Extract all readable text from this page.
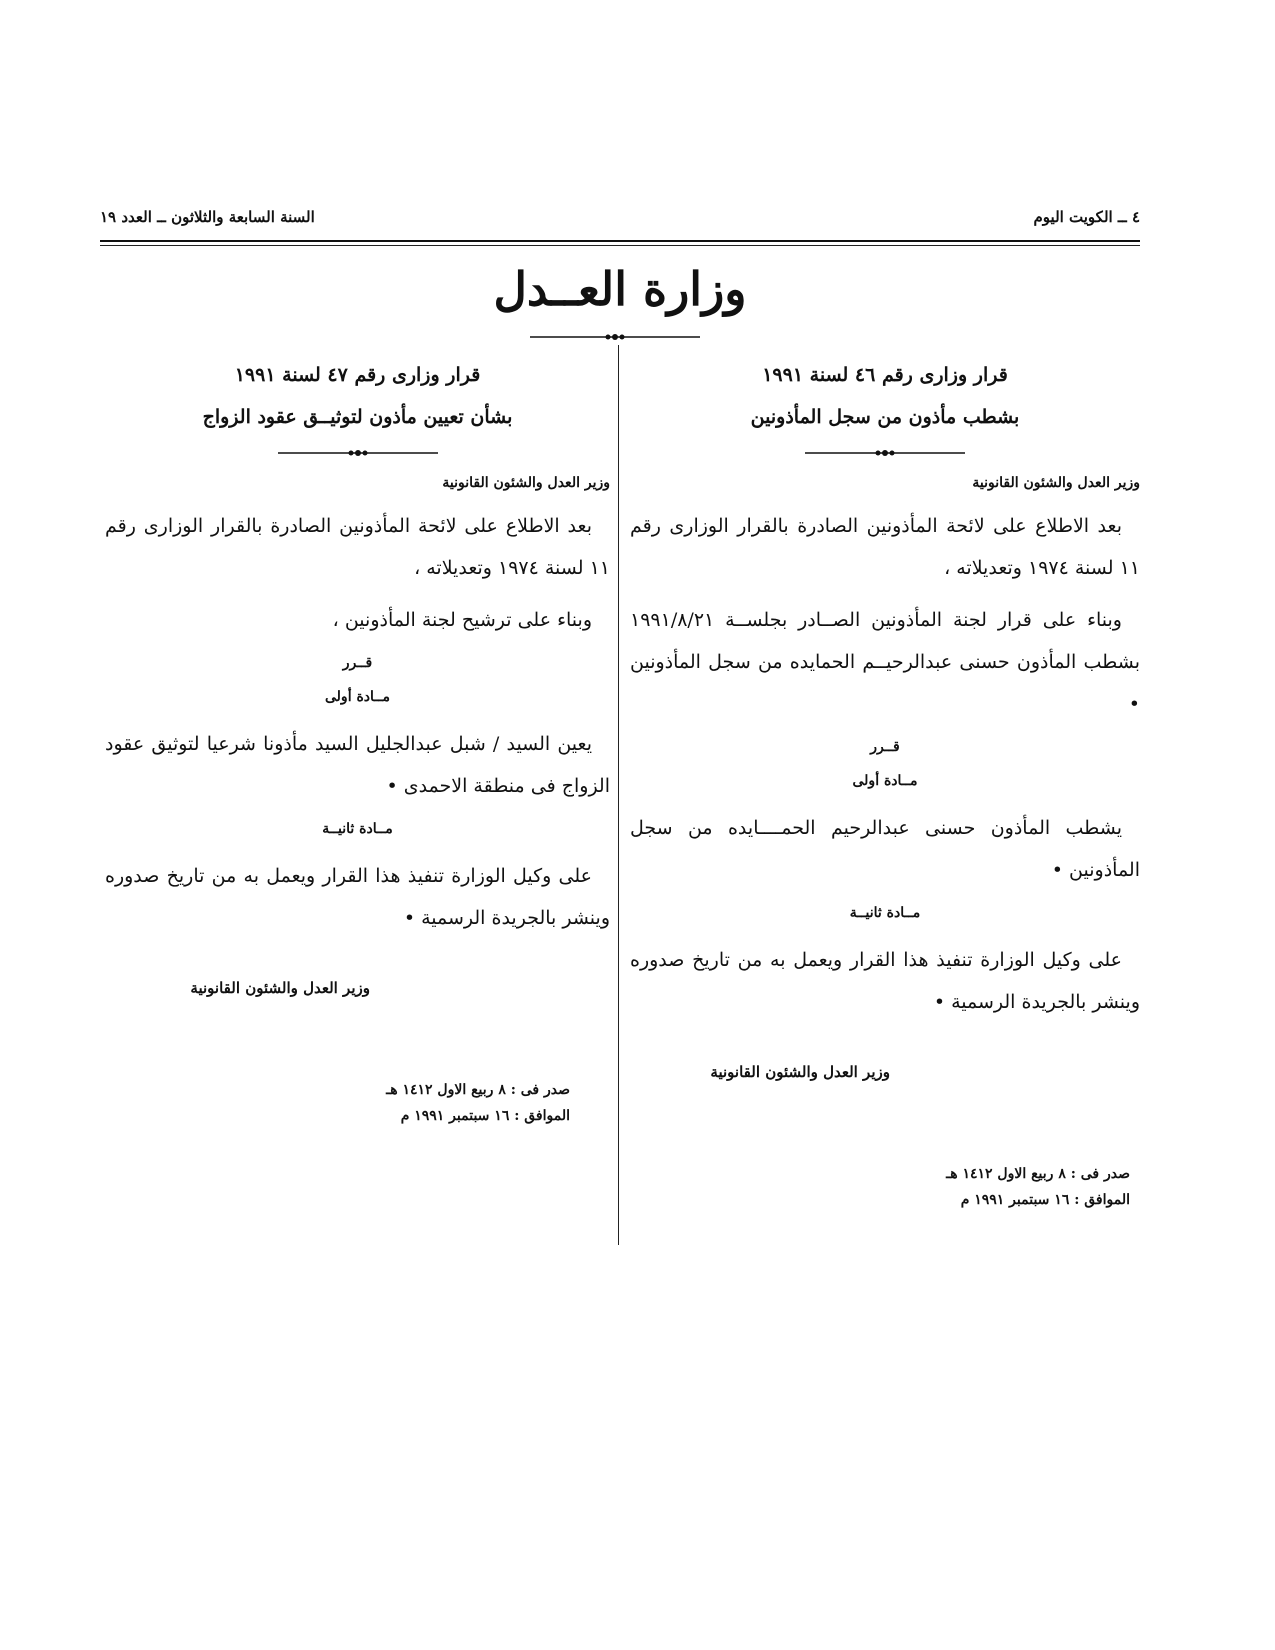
٤ ــ الكويت اليوم
السنة السابعة والثلاثون ــ العدد ١٩
وزارة العــدل
قرار وزارى رقم ٤٦ لسنة ١٩٩١
بشطب مأذون من سجل المأذونين
وزير العدل والشئون القانونية

بعد الاطلاع على لائحة المأذونين الصادرة بالقرار الوزارى رقم ١١ لسنة ١٩٧٤ وتعديلاته ،

وبناء على قرار لجنة المأذونين الصــادر بجلســة ١٩٩١/٨/٢١ بشطب المأذون حسنى عبدالرحيــم الحمايده من سجل المأذونين •

قــرر
مــادة أولى

يشطب المأذون حسنى عبدالرحيم الحمــــايده من سجل المأذونين •

مــادة ثانيــة

على وكيل الوزارة تنفيذ هذا القرار ويعمل به من تاريخ صدوره وينشر بالجريدة الرسمية •

وزير العدل والشئون القانونية
صدر فى : ٨ ربيع الاول ١٤١٢ هـ
الموافق : ١٦ سبتمبر ١٩٩١ م
قرار وزارى رقم ٤٧ لسنة ١٩٩١
بشأن تعيين مأذون لتوثيــق عقود الزواج
وزير العدل والشئون القانونية

بعد الاطلاع على لائحة المأذونين الصادرة بالقرار الوزارى رقم ١١ لسنة ١٩٧٤ وتعديلاته ،

وبناء على ترشيح لجنة المأذونين ،

قــرر
مــادة أولى

يعين السيد / شبل عبدالجليل السيد مأذونا شرعيا لتوثيق عقود الزواج فى منطقة الاحمدى •

مــادة ثانيــة

على وكيل الوزارة تنفيذ هذا القرار ويعمل به من تاريخ صدوره وينشر بالجريدة الرسمية •

وزير العدل والشئون القانونية
صدر فى : ٨ ربيع الاول ١٤١٢ هـ
الموافق : ١٦ سبتمبر ١٩٩١ م
